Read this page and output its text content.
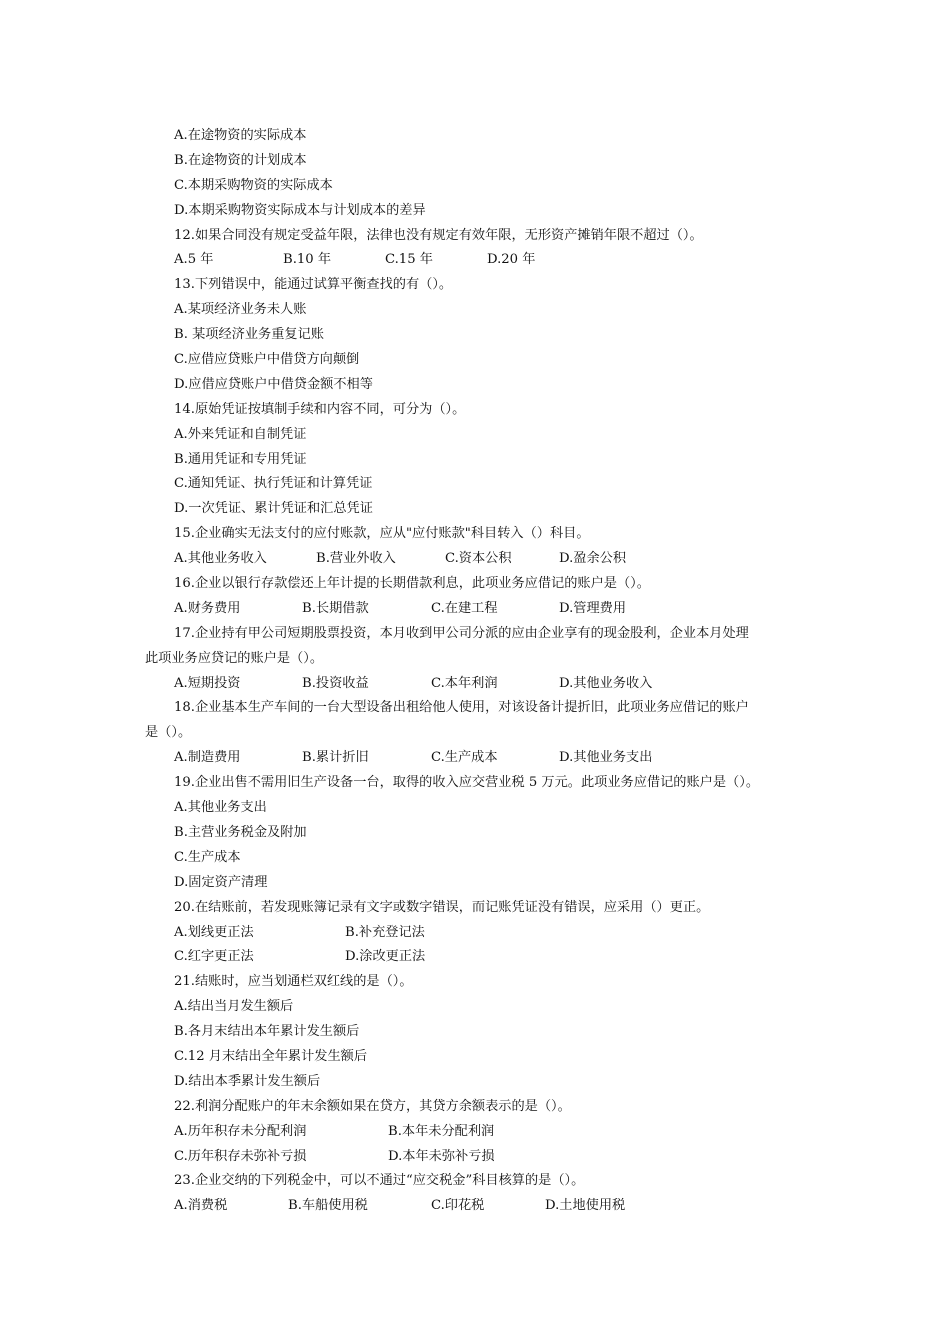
A.在途物资的实际成本
B.在途物资的计划成本
C.本期采购物资的实际成本
D.本期采购物资实际成本与计划成本的差异
12.如果合同没有规定受益年限，法律也没有规定有效年限，无形资产摊销年限不超过（）。
A.5 年	B.10 年	C.15 年	D.20 年
13.下列错误中，能通过试算平衡查找的有（）。
A.某项经济业务未人账
B. 某项经济业务重复记账
C.应借应贷账户中借贷方向颠倒
D.应借应贷账户中借贷金额不相等
14.原始凭证按填制手续和内容不同，可分为（）。
A.外来凭证和自制凭证
B.通用凭证和专用凭证
C.通知凭证、执行凭证和计算凭证
D.一次凭证、累计凭证和汇总凭证
15.企业确实无法支付的应付账款，应从"应付账款"科目转入（）科目。
A.其他业务收入	B.营业外收入	C.资本公积	D.盈余公积
16.企业以银行存款偿还上年计提的长期借款利息，此项业务应借记的账户是（）。
A.财务费用	B.长期借款	C.在建工程	D.管理费用
17.企业持有甲公司短期股票投资，本月收到甲公司分派的应由企业享有的现金股利，企业本月处理
此项业务应贷记的账户是（）。
A.短期投资	B.投资收益	C.本年利润	D.其他业务收入
18.企业基本生产车间的一台大型设备出租给他人使用，对该设备计提折旧，此项业务应借记的账户
是（）。
A.制造费用	B.累计折旧	C.生产成本	D.其他业务支出
19.企业出售不需用旧生产设备一台，取得的收入应交营业税 5 万元。此项业务应借记的账户是（）。
A.其他业务支出
B.主营业务税金及附加
C.生产成本
D.固定资产清理
20.在结账前，若发现账簿记录有文字或数字错误，而记账凭证没有错误，应采用（）更正。
A.划线更正法	B.补充登记法
C.红字更正法	D.涂改更正法
21.结账时，应当划通栏双红线的是（）。
A.结出当月发生额后
B.各月末结出本年累计发生额后
C.12 月末结出全年累计发生额后
D.结出本季累计发生额后
22.利润分配账户的年末余额如果在贷方，其贷方余额表示的是（）。
A.历年积存未分配利润	B.本年未分配利润
C.历年积存未弥补亏损	D.本年未弥补亏损
23.企业交纳的下列税金中，可以不通过“应交税金”科目核算的是（）。
A.消费税	B.车船使用税	C.印花税	D.土地使用税
